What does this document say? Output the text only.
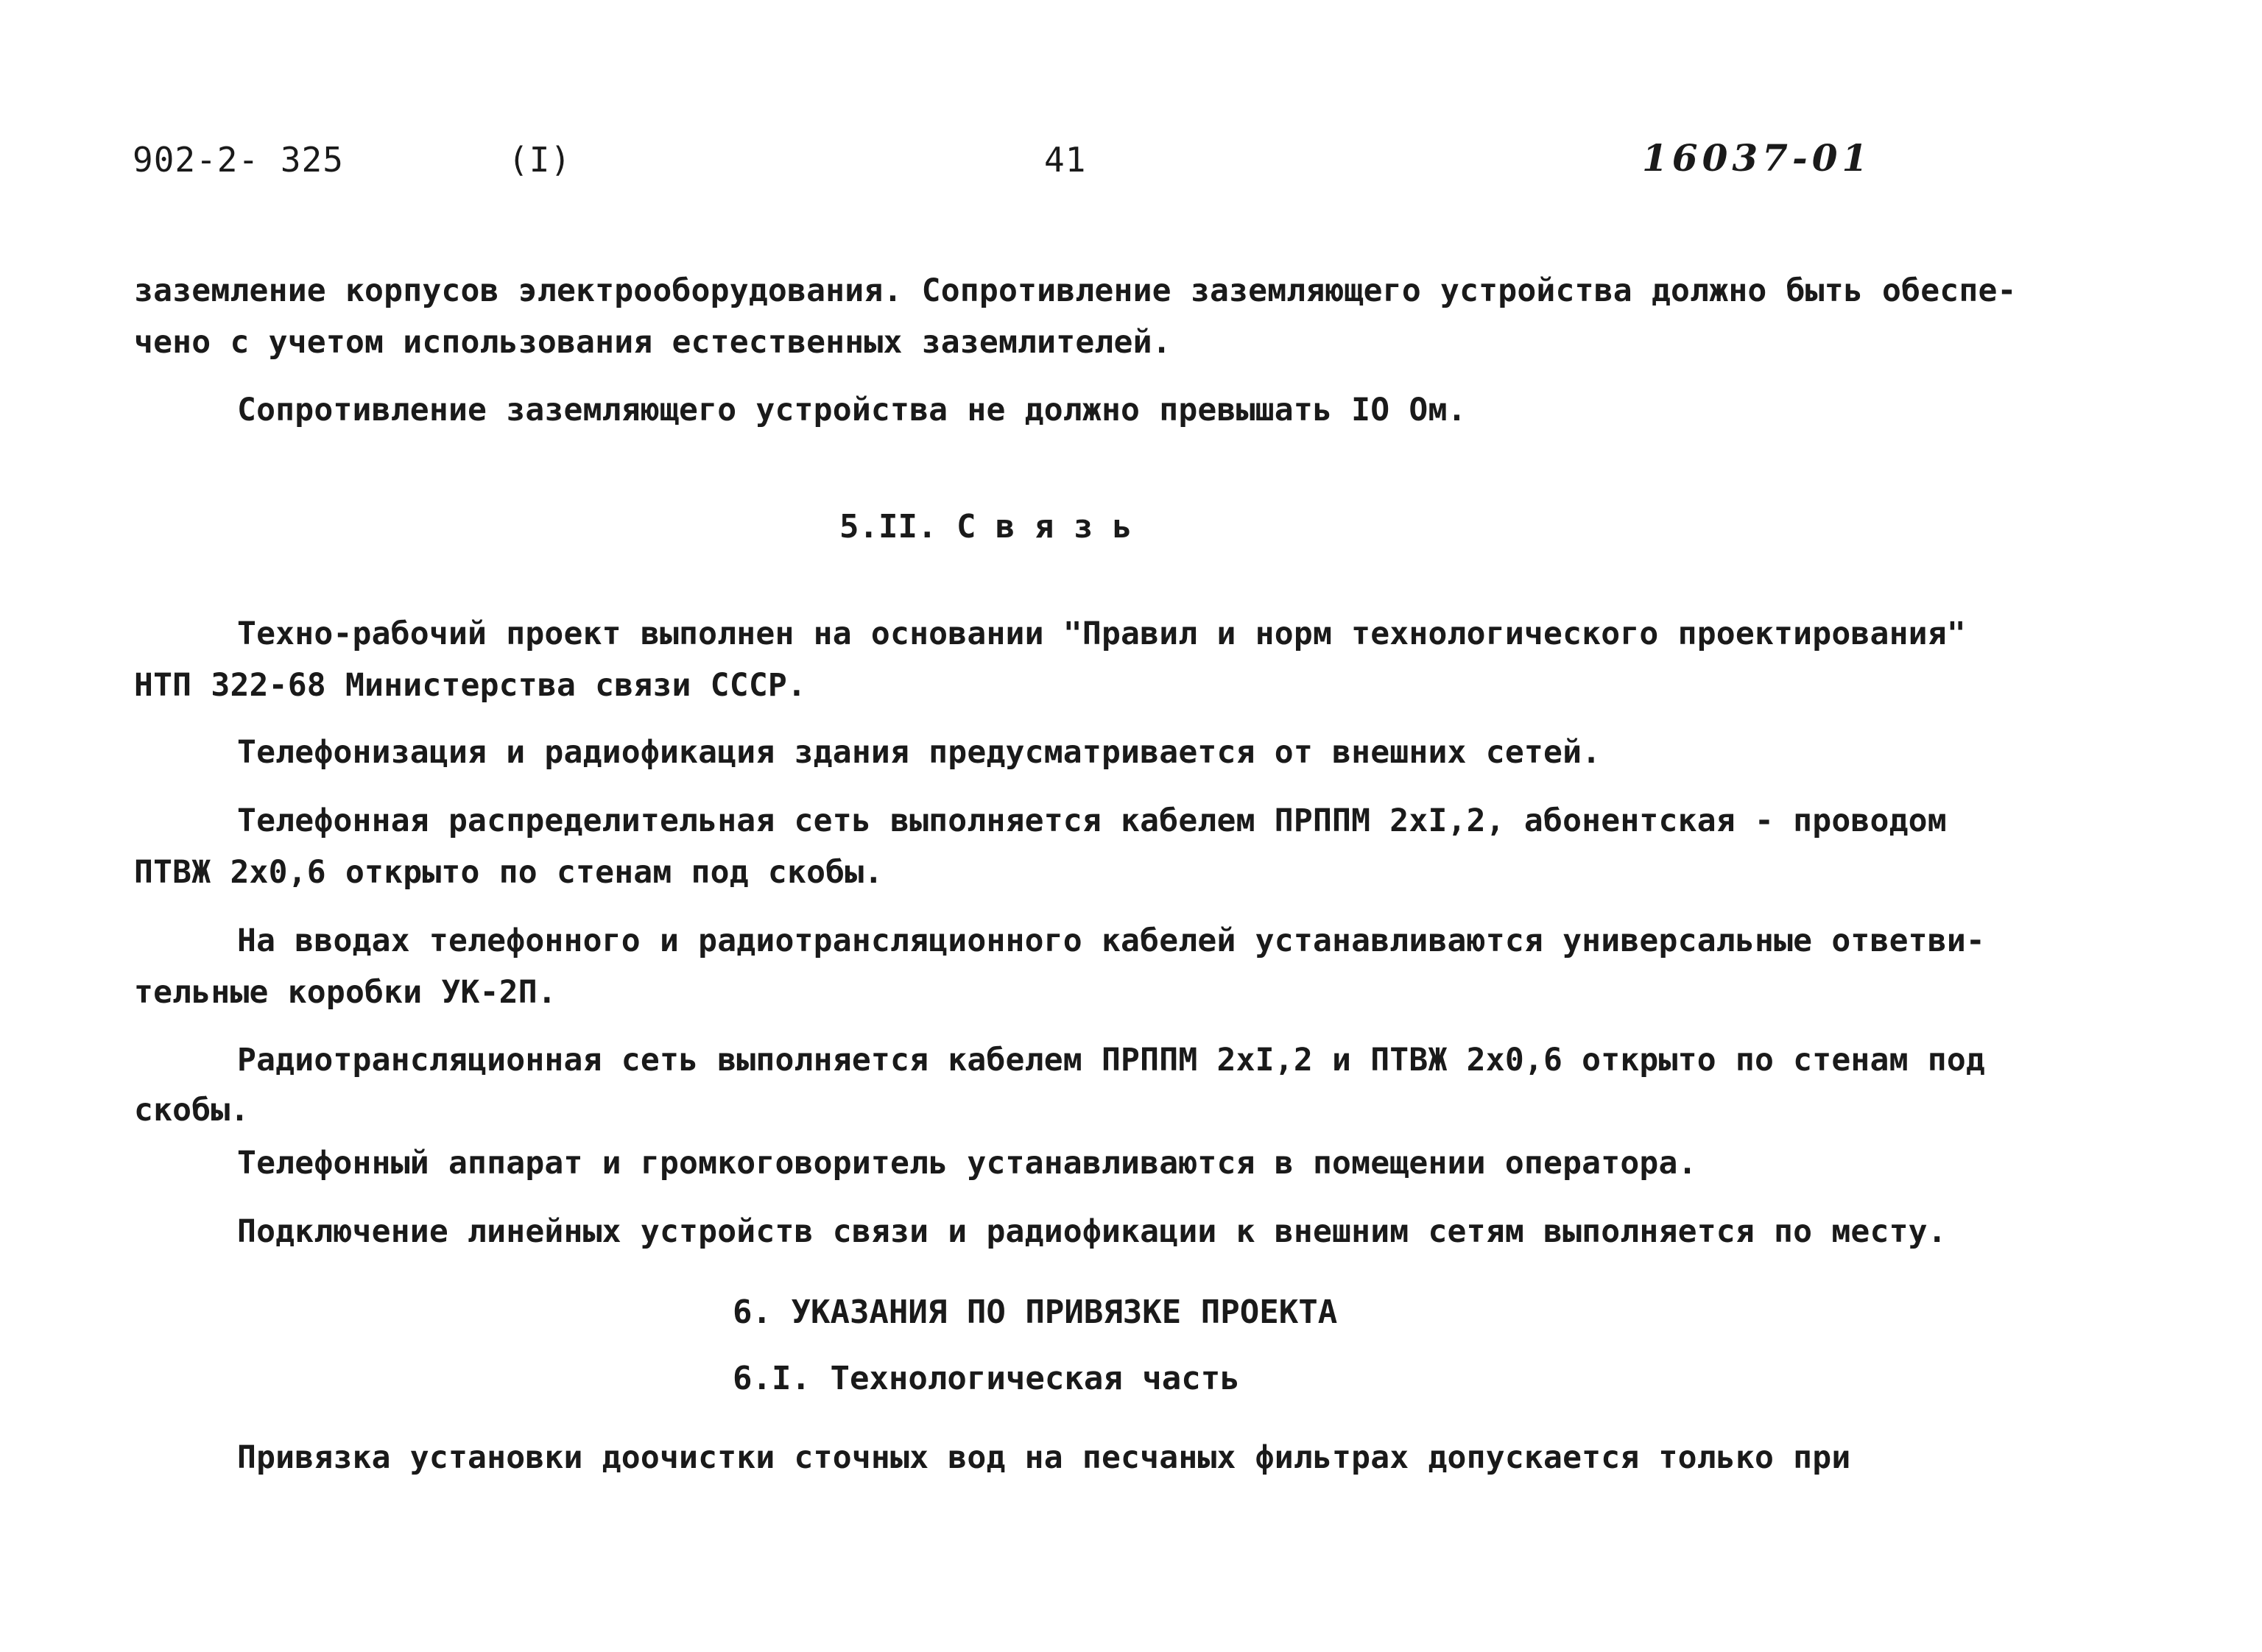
902-2- 325	(I)	41	16037-01
заземление корпусов электрооборудования. Сопротивление заземляющего устройства должно быть обеспе-
чено с учетом использования естественных заземлителей.
Сопротивление заземляющего устройства не должно превышать IO Ом.
5.II. С в я з ь
Техно-рабочий проект выполнен на основании "Правил и норм технологического проектирования"
НТП 322-68 Министерства связи СССР.
Телефонизация и радиофикация здания предусматривается от внешних сетей.
Телефонная распределительная сеть выполняется кабелем ПРППМ 2хI,2, абонентская - проводом
ПТВЖ 2х0,6 открыто по стенам под скобы.
На вводах телефонного и радиотрансляционного кабелей устанавливаются универсальные ответви-
тельные коробки УК-2П.
Радиотрансляционная сеть выполняется кабелем ПРППМ 2хI,2 и ПТВЖ 2х0,6 открыто по стенам под
скобы.
Телефонный аппарат и громкоговоритель устанавливаются в помещении оператора.
Подключение линейных устройств связи и радиофикации к внешним сетям выполняется по месту.
6. УКАЗАНИЯ ПО ПРИВЯЗКЕ ПРОЕКТА
6.I. Технологическая часть
Привязка установки доочистки сточных вод на песчаных фильтрах допускается только при
